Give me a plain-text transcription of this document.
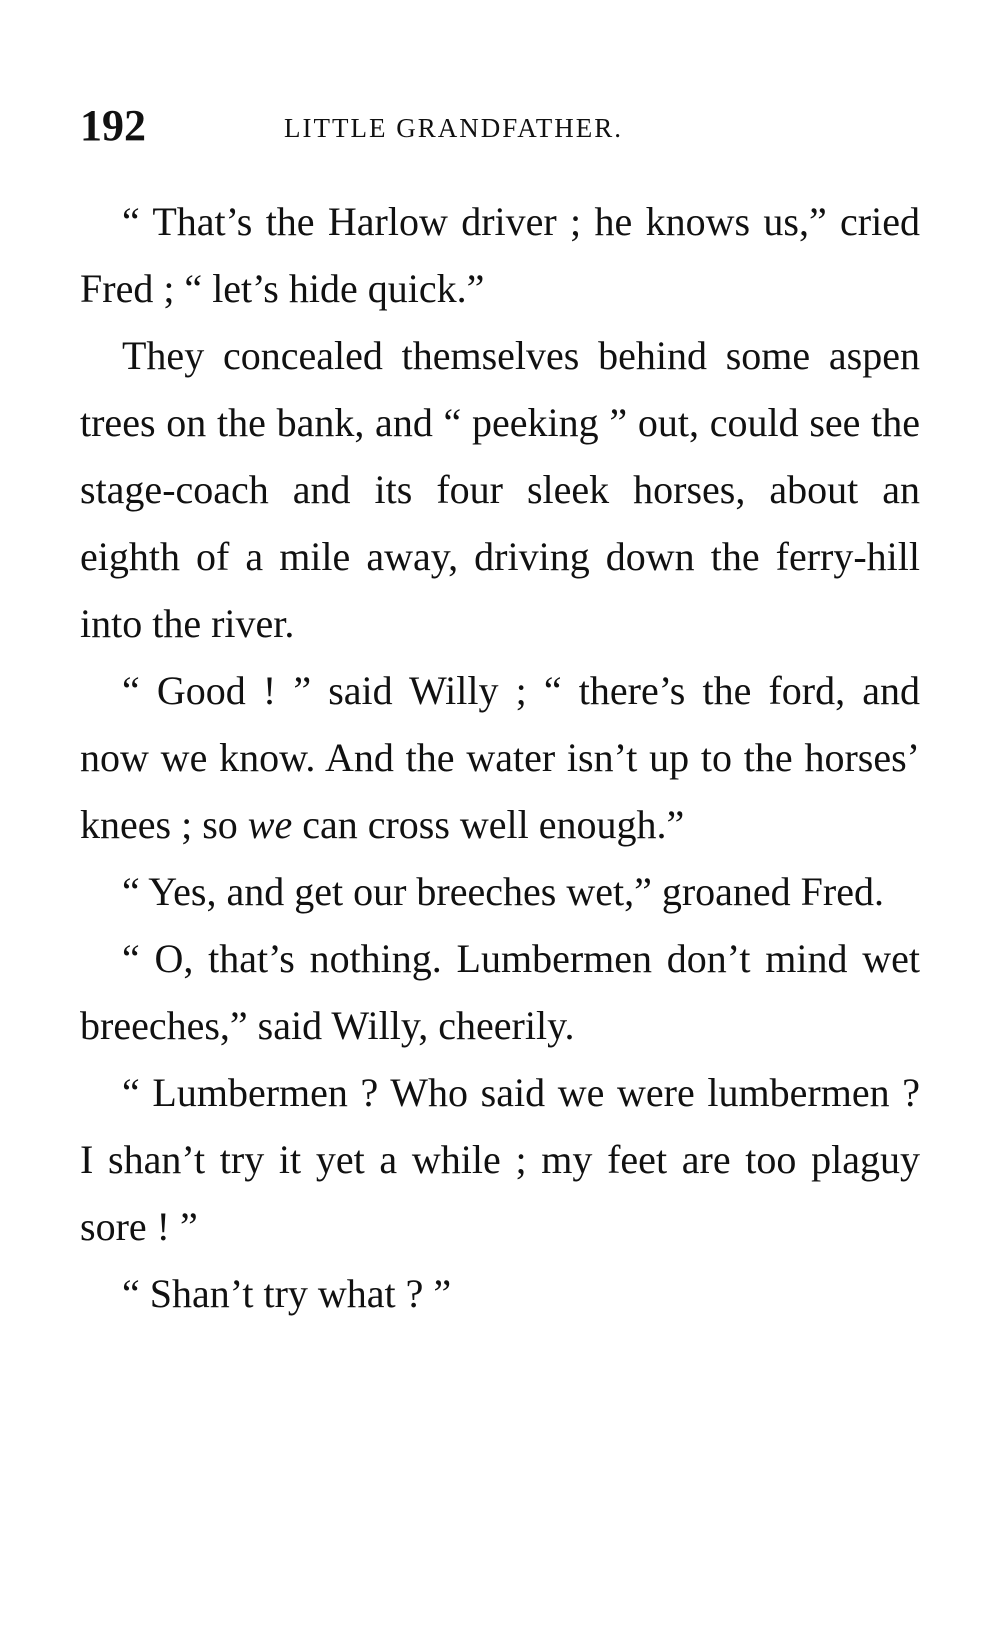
192	LITTLE GRANDFATHER.

“ That’s the Harlow driver ; he knows us,” cried Fred ; “ let’s hide quick.”

They concealed themselves behind some aspen trees on the bank, and “ peeking ” out, could see the stage-coach and its four sleek horses, about an eighth of a mile away, driving down the ferry-hill into the river.

“ Good ! ” said Willy ; “ there’s the ford, and now we know. And the water isn’t up to the horses’ knees ; so we can cross well enough.”

“ Yes, and get our breeches wet,” groaned Fred.

“ O, that’s nothing. Lumbermen don’t mind wet breeches,” said Willy, cheerily.

“ Lumbermen ? Who said we were lumbermen ? I shan’t try it yet a while ; my feet are too plaguy sore ! ”

“ Shan’t try what ? ”
